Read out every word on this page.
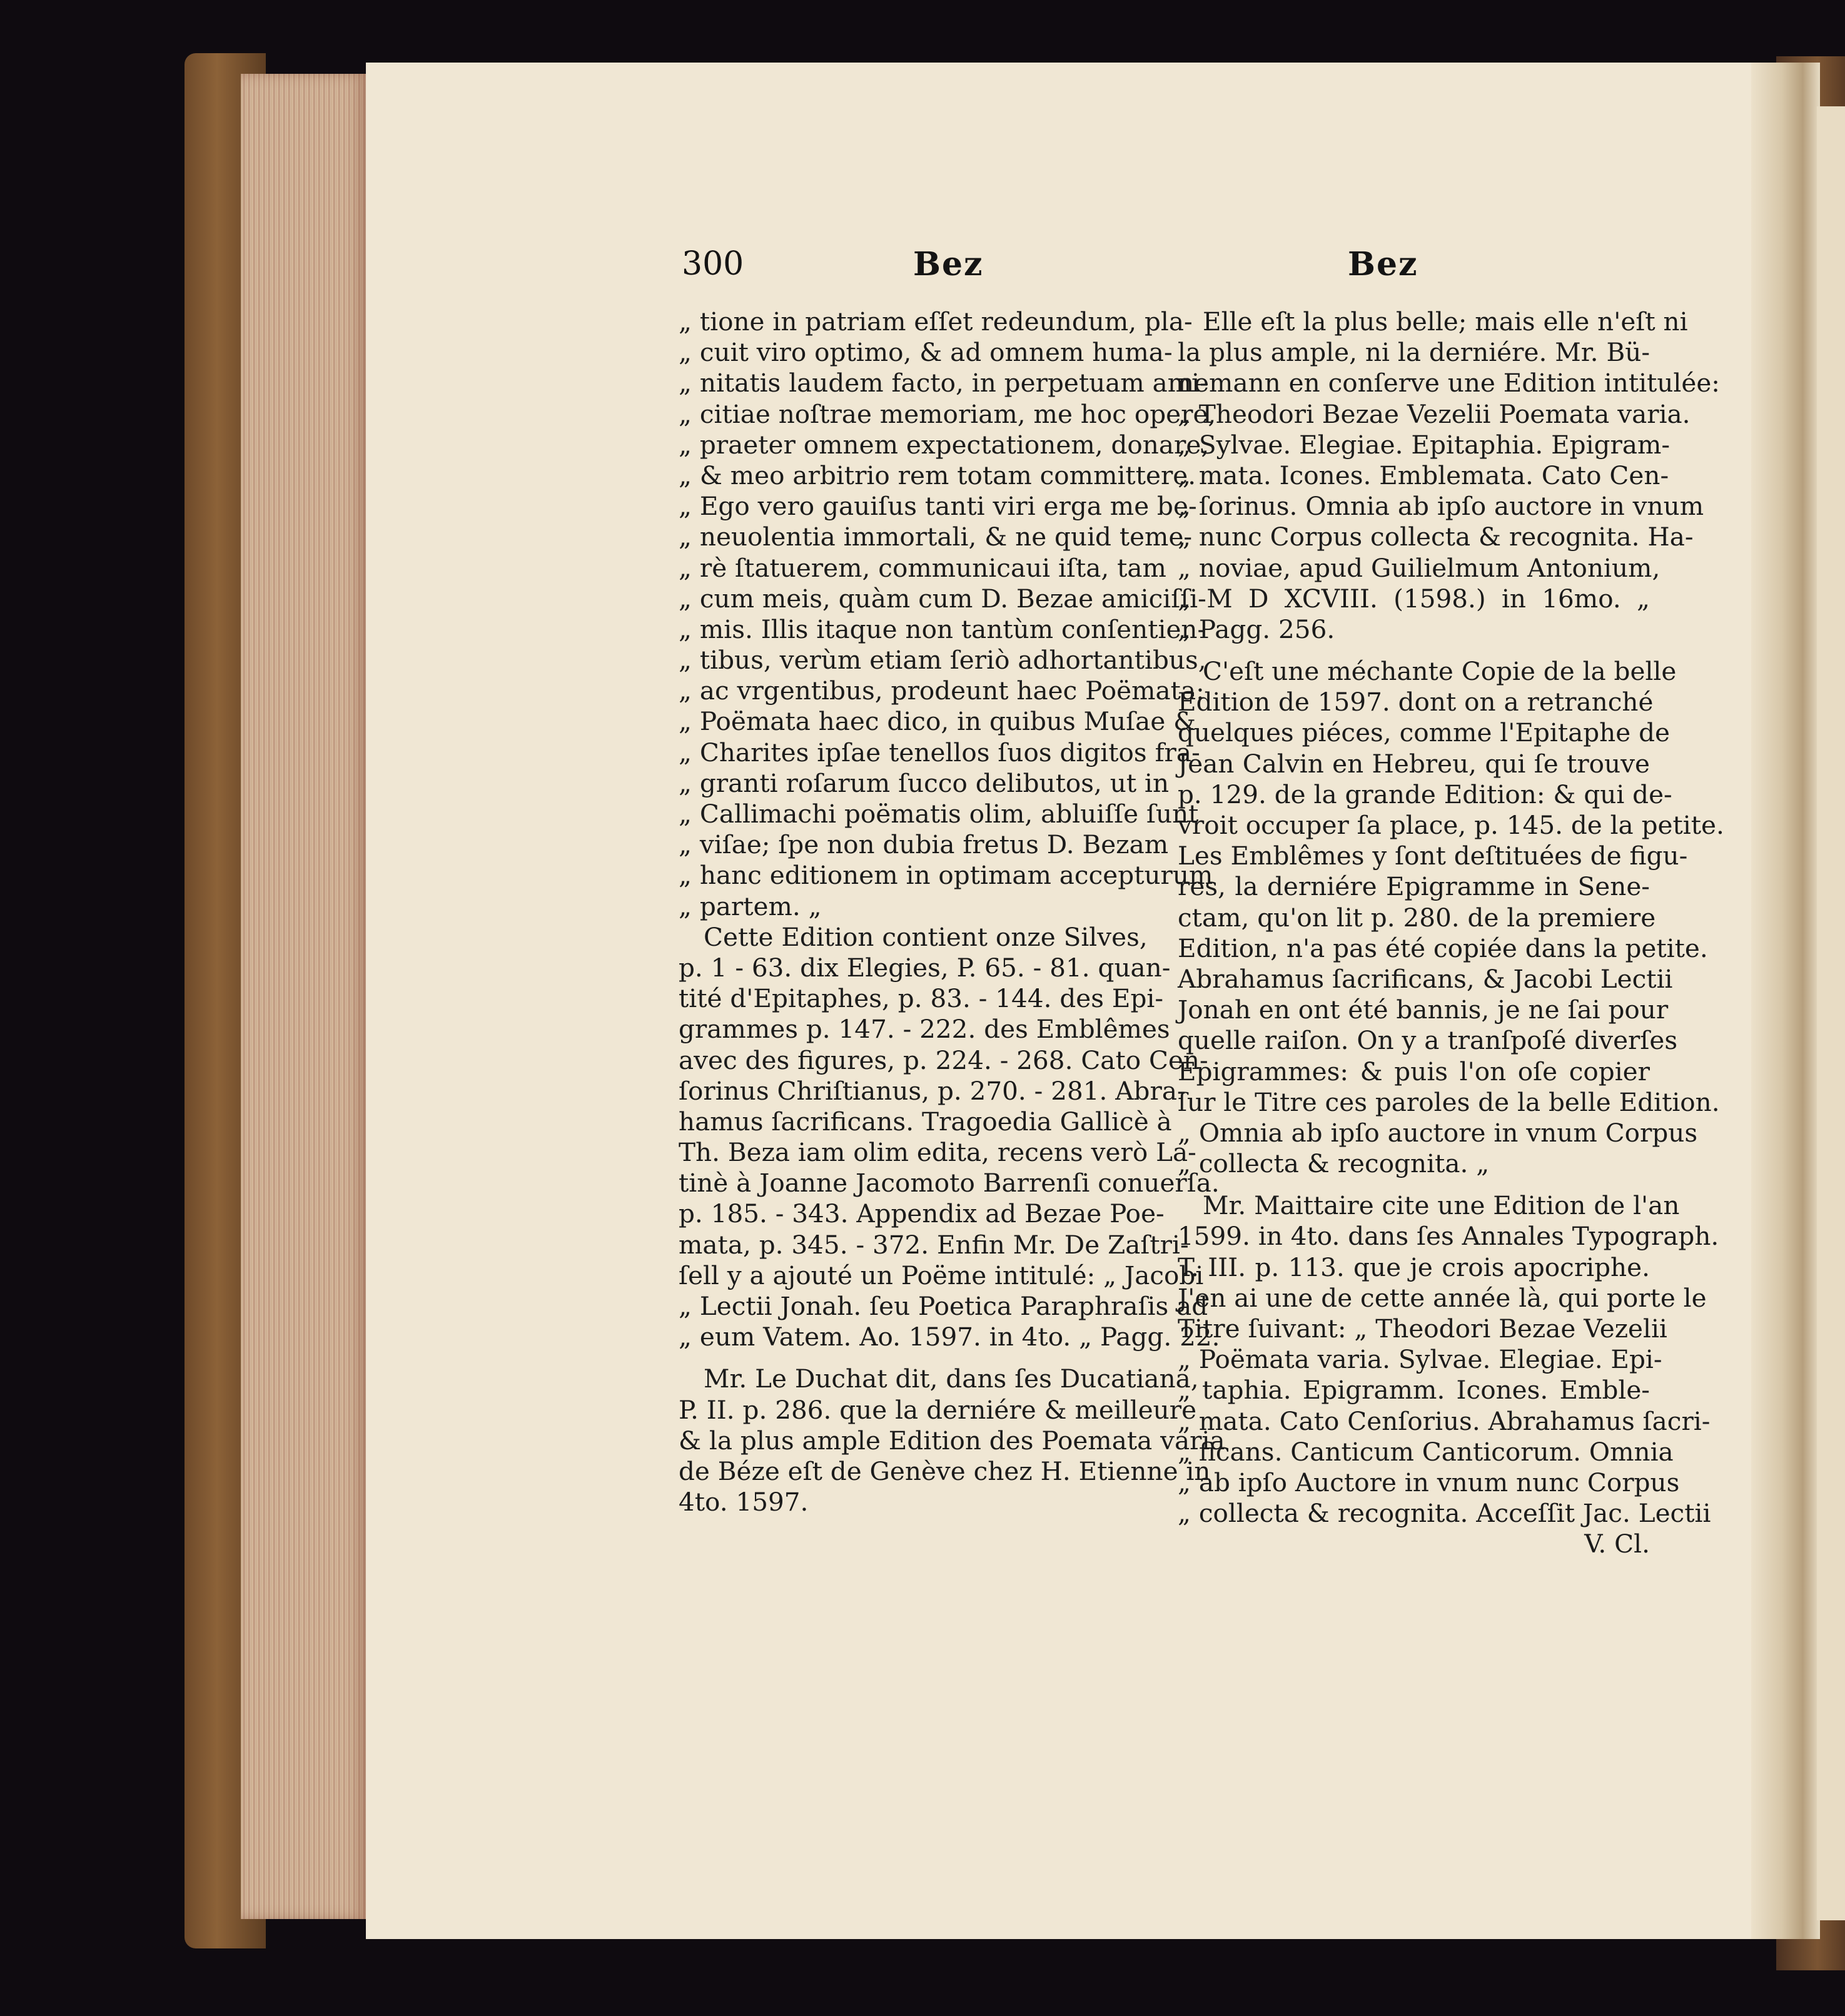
300	Bez	Bez
„ tione in patriam eſſet redeundum, pla-
„ cuit viro optimo, & ad omnem huma-
„ nitatis laudem facto, in perpetuam ami-
„ citiae noſtrae memoriam, me hoc opere,
„ praeter omnem expectationem, donare,
„ & meo arbitrio rem totam committere.
„ Ego vero gauiſus tanti viri erga me be-
„ neuolentia immortali, & ne quid teme-
„ rè ſtatuerem, communicaui iſta, tam
„ cum meis, quàm cum D. Bezae amiciſſi-
„ mis. Illis itaque non tantùm conſentien-
„ tibus, verùm etiam ſeriò adhortantibus,
„ ac vrgentibus, prodeunt haec Poëmata:
„ Poëmata haec dico, in quibus Muſae &
„ Charites ipſae tenellos ſuos digitos fra-
„ granti roſarum ſucco delibutos, ut in
„ Callimachi poëmatis olim, abluiſſe ſunt
„ viſae; ſpe non dubia fretus D. Bezam
„ hanc editionem in optimam accepturum
„ partem. „
Cette Edition contient onze Silves,
p. 1 - 63. dix Elegies, P. 65. - 81. quan-
tité d'Epitaphes, p. 83. - 144. des Epi-
grammes p. 147. - 222. des Emblêmes
avec des figures, p. 224. - 268. Cato Cen-
ſorinus Chriſtianus, p. 270. - 281. Abra-
hamus ſacrificans. Tragoedia Gallicè à
Th. Beza iam olim edita, recens verò La-
tinè à Joanne Jacomoto Barrenſi conuerſa.
p. 185. - 343. Appendix ad Bezae Poe-
mata, p. 345. - 372. Enfin Mr. De Zaſtri-
ſell y a ajouté un Poëme intitulé: „ Jacobi
„ Lectii Jonah. ſeu Poetica Paraphraſis ad
„ eum Vatem. Ao. 1597. in 4to. „ Pagg. 22.
Mr. Le Duchat dit, dans ſes Ducatiana,
P. II. p. 286. que la derniére & meilleure
& la plus ample Edition des Poemata varia
de Béze eſt de Genève chez H. Etienne in
4to. 1597.
Elle eſt la plus belle; mais elle n'eſt ni
la plus ample, ni la derniére. Mr. Bü-
nemann en conſerve une Edition intitulée:
„ Theodori Bezae Vezelii Poemata varia.
„ Sylvae. Elegiae. Epitaphia. Epigram-
„ mata. Icones. Emblemata. Cato Cen-
„ ſorinus. Omnia ab ipſo auctore in vnum
„ nunc Corpus collecta & recognita. Ha-
„ noviae, apud Guilielmum Antonium,
„ M D XCVIII. (1598.) in 16mo. „
„ Pagg. 256.
C'eſt une méchante Copie de la belle
Edition de 1597. dont on a retranché
quelques piéces, comme l'Epitaphe de
Jean Calvin en Hebreu, qui ſe trouve
p. 129. de la grande Edition: & qui de-
vroit occuper ſa place, p. 145. de la petite.
Les Emblêmes y ſont deſtituées de figu-
res, la derniére Epigramme in Sene-
ctam, qu'on lit p. 280. de la premiere
Edition, n'a pas été copiée dans la petite.
Abrahamus ſacrificans, & Jacobi Lectii
Jonah en ont été bannis, je ne ſai pour
quelle raiſon. On y a tranſpoſé diverſes
Epigrammes: & puis l'on oſe copier
ſur le Titre ces paroles de la belle Edition.
„ Omnia ab ipſo auctore in vnum Corpus
„ collecta & recognita. „
Mr. Maittaire cite une Edition de l'an
1599. in 4to. dans ſes Annales Typograph.
T. III. p. 113. que je crois apocriphe.
J'en ai une de cette année là, qui porte le
Titre ſuivant: „ Theodori Bezae Vezelii
„ Poëmata varia. Sylvae. Elegiae. Epi-
„ taphia. Epigramm. Icones. Emble-
„ mata. Cato Cenſorius. Abrahamus ſacri-
„ ficans. Canticum Canticorum. Omnia
„ ab ipſo Auctore in vnum nunc Corpus
„ collecta & recognita. Acceſſit Jac. Lectii
V. Cl.
